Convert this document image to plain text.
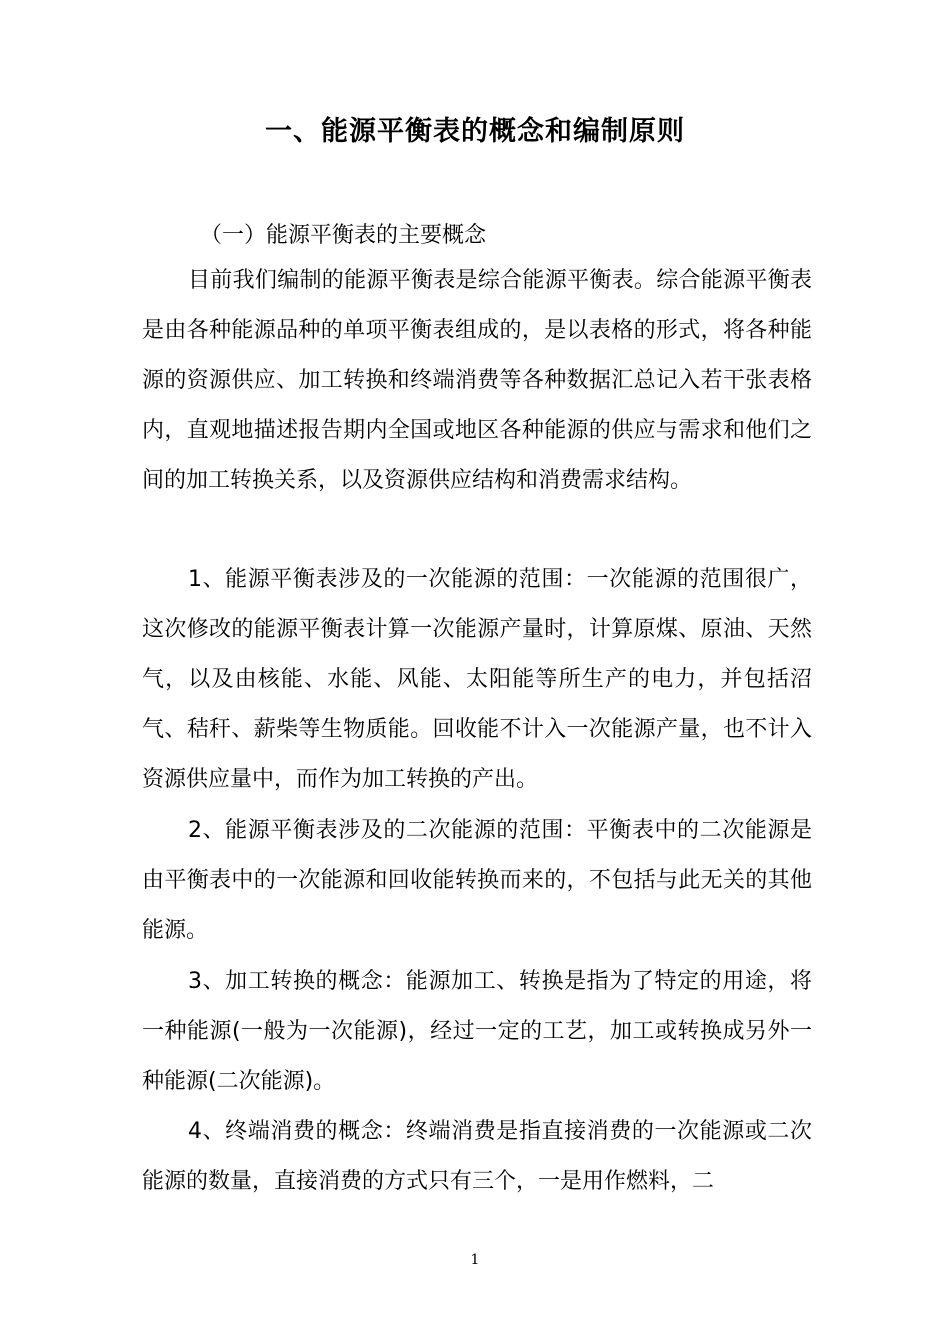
一、能源平衡表的概念和编制原则
（一）能源平衡表的主要概念

目前我们编制的能源平衡表是综合能源平衡表。综合能源平衡表是由各种能源品种的单项平衡表组成的，是以表格的形式，将各种能源的资源供应、加工转换和终端消费等各种数据汇总记入若干张表格内，直观地描述报告期内全国或地区各种能源的供应与需求和他们之间的加工转换关系，以及资源供应结构和消费需求结构。

1、能源平衡表涉及的一次能源的范围：一次能源的范围很广，这次修改的能源平衡表计算一次能源产量时，计算原煤、原油、天然气，以及由核能、水能、风能、太阳能等所生产的电力，并包括沼气、秸秆、薪柴等生物质能。回收能不计入一次能源产量，也不计入资源供应量中，而作为加工转换的产出。

2、能源平衡表涉及的二次能源的范围：平衡表中的二次能源是由平衡表中的一次能源和回收能转换而来的，不包括与此无关的其他能源。

3、加工转换的概念：能源加工、转换是指为了特定的用途，将一种能源(一般为一次能源)，经过一定的工艺，加工或转换成另外一种能源(二次能源)。

4、终端消费的概念：终端消费是指直接消费的一次能源或二次能源的数量，直接消费的方式只有三个，一是用作燃料，二

1
